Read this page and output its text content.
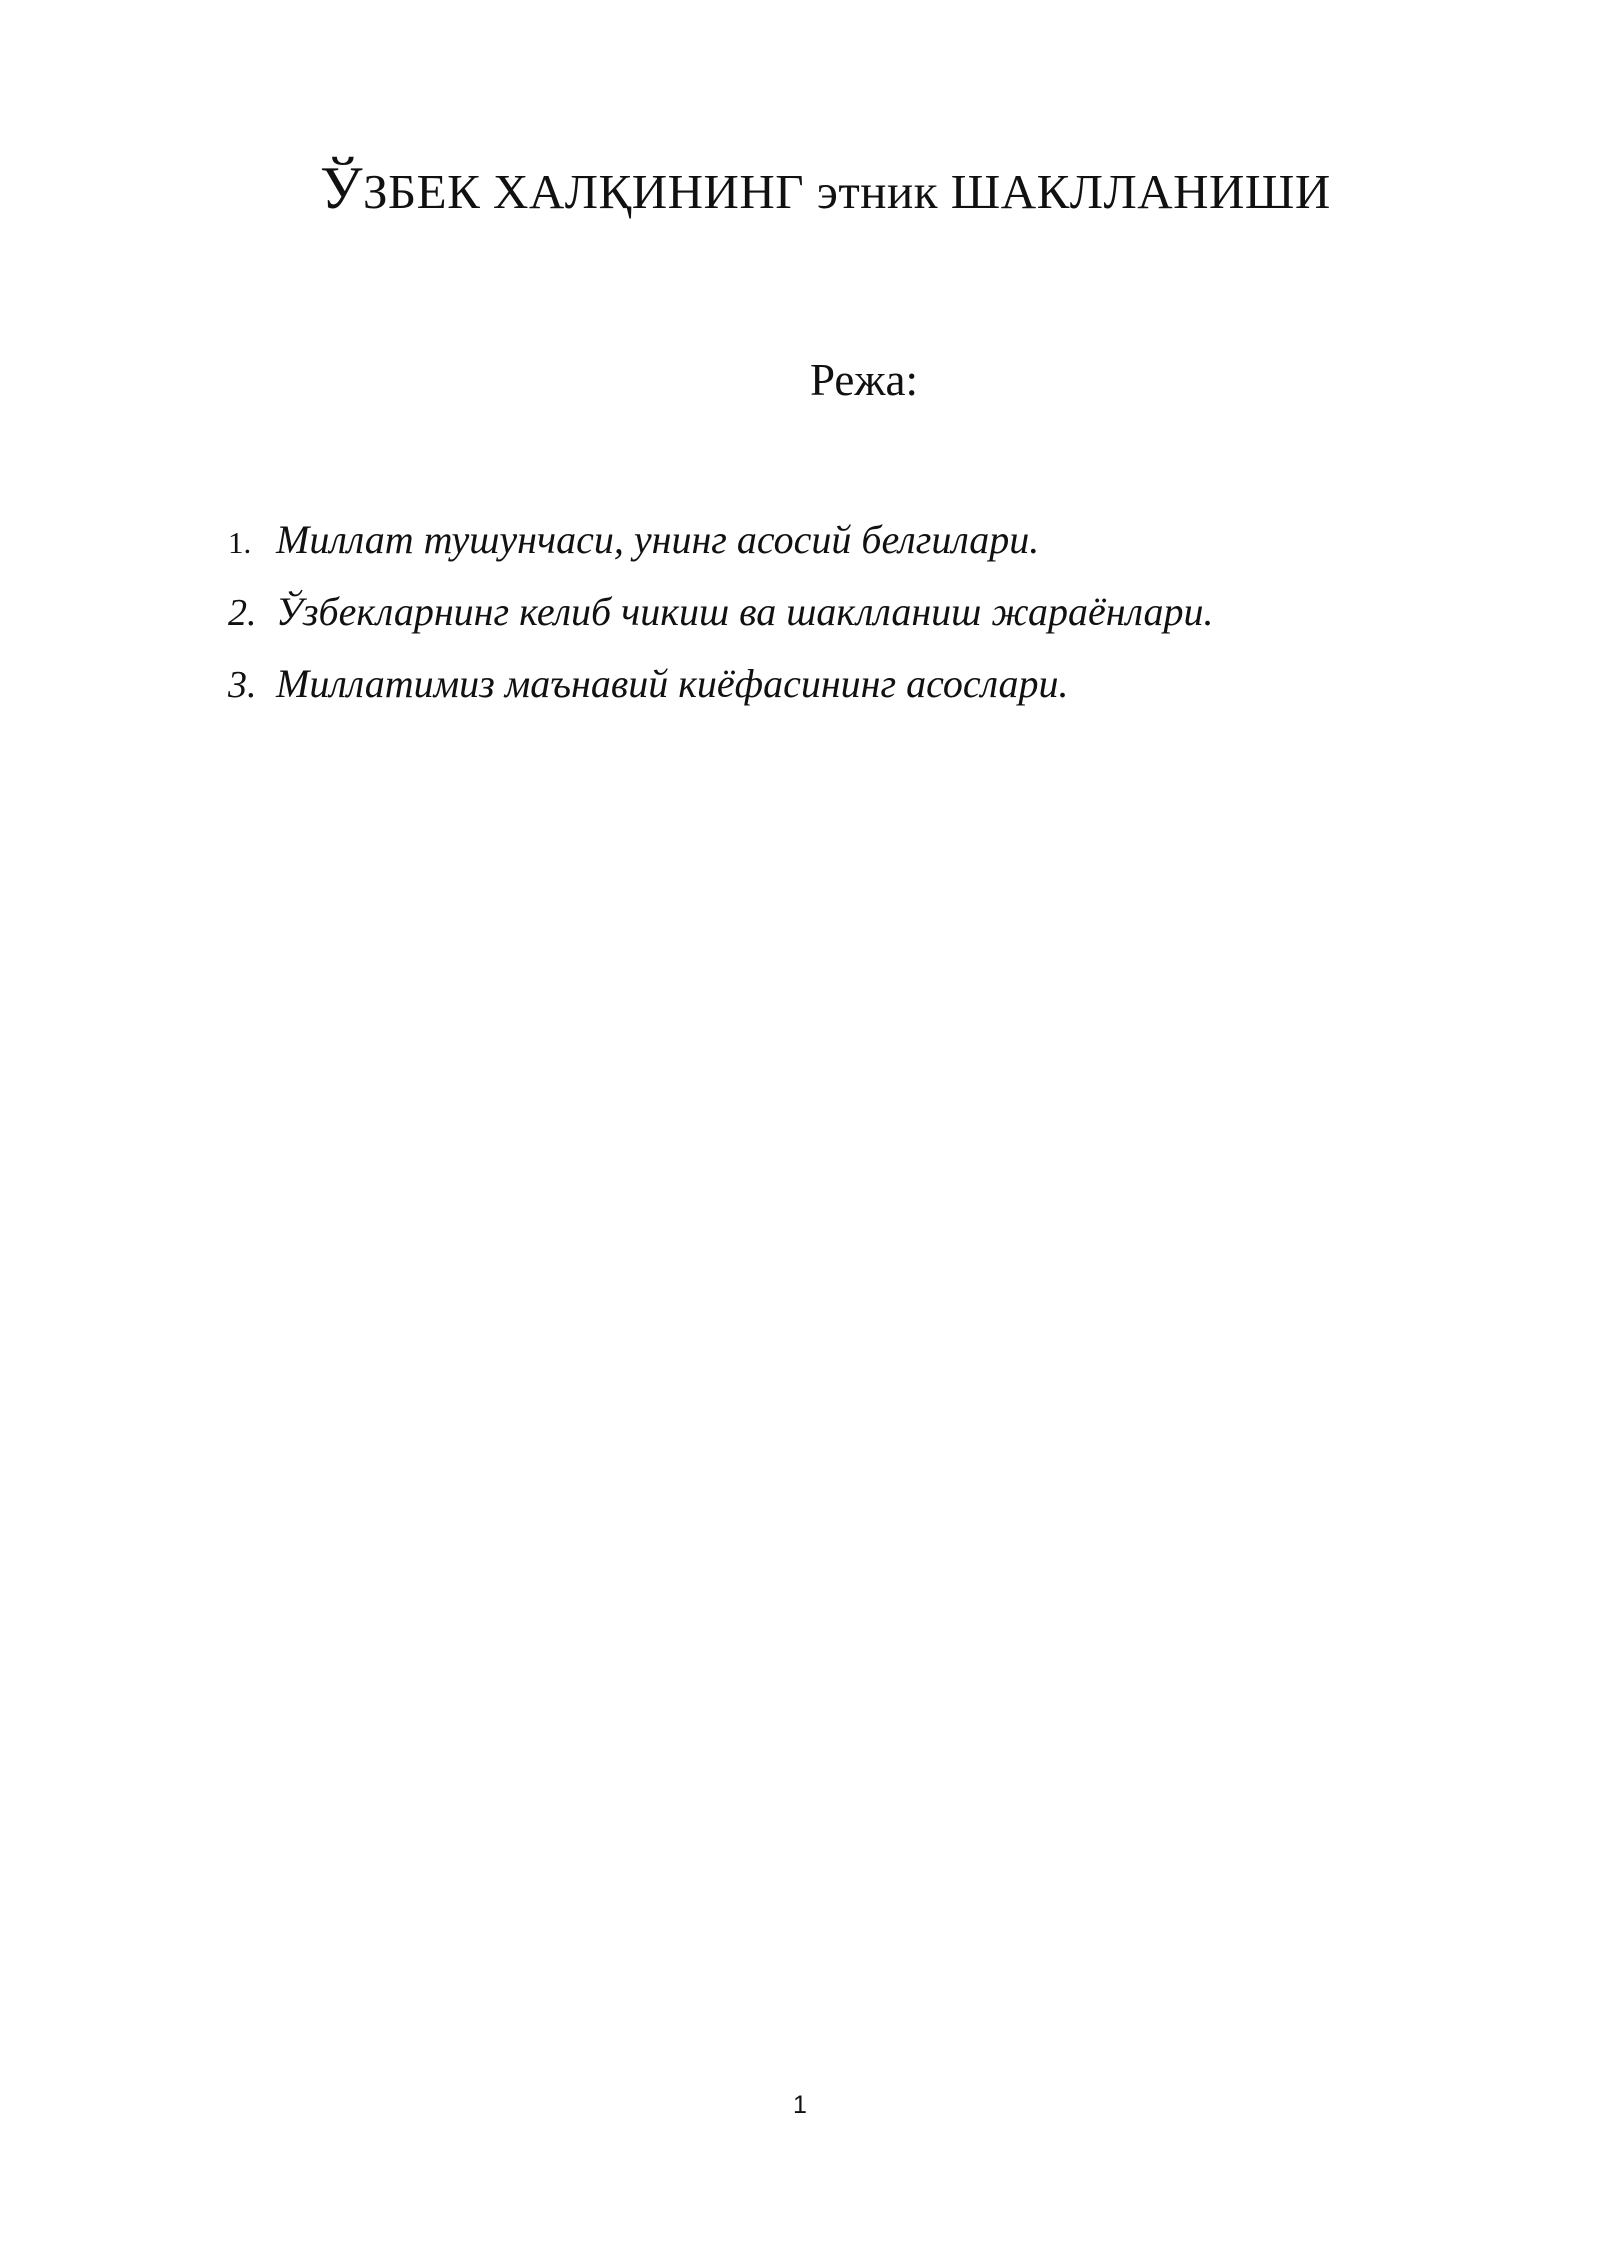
ЎЗБЕК ХАЛҚИНИНГ этник ШАКЛЛАНИШИ
Режа:
1. Миллат тушунчаси, унинг асосий белгилари.
2. Ўзбекларнинг келиб чикиш ва шаклланиш жараёнлари.
3. Миллатимиз маънавий киёфасининг асослари.
1
